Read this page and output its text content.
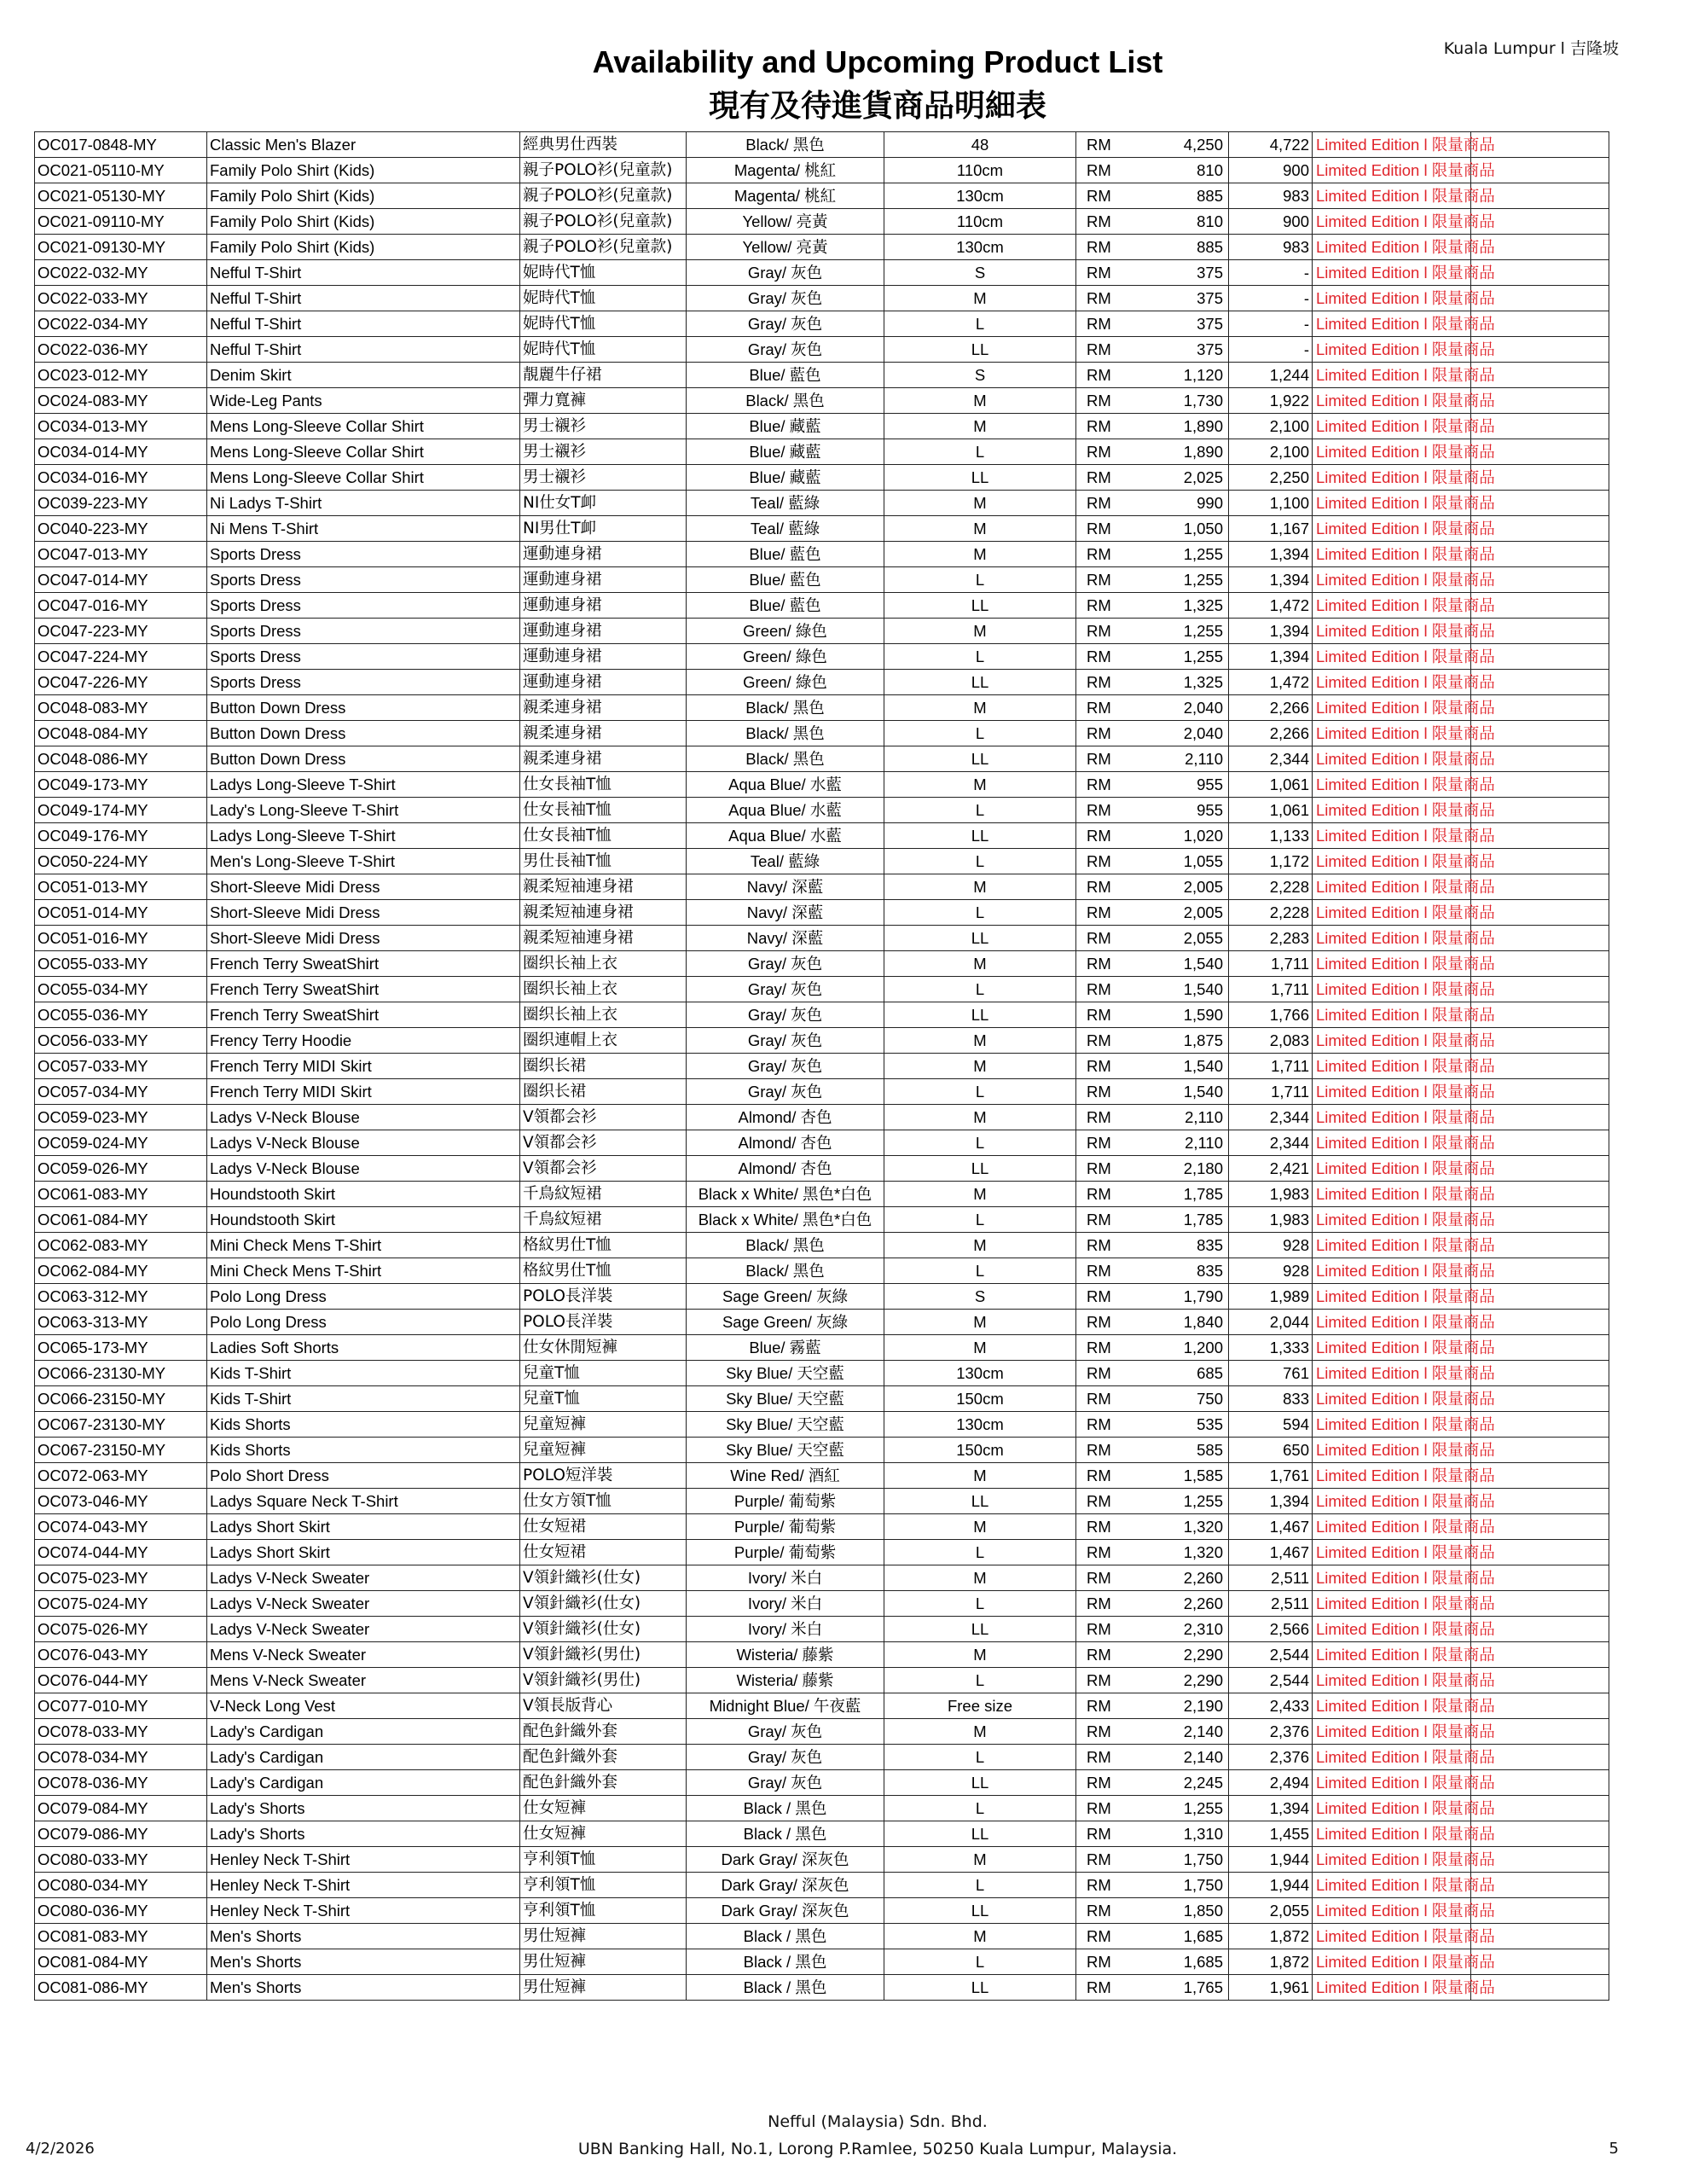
Kuala Lumpur l 吉隆坡
Availability and Upcoming Product List
現有及待進貨商品明細表
OC017-0848-MY	Classic Men's Blazer	經典男仕西裝	Black/ 黑色	48	RM 4,250	4,722	Limited Edition l 限量商品	
OC021-05110-MY	Family Polo Shirt (Kids)	親子POLO衫(兒童款)	Magenta/ 桃紅	110cm	RM 810	900	Limited Edition l 限量商品	
OC021-05130-MY	Family Polo Shirt (Kids)	親子POLO衫(兒童款)	Magenta/ 桃紅	130cm	RM 885	983	Limited Edition l 限量商品	
OC021-09110-MY	Family Polo Shirt (Kids)	親子POLO衫(兒童款)	Yellow/ 亮黃	110cm	RM 810	900	Limited Edition l 限量商品	
OC021-09130-MY	Family Polo Shirt (Kids)	親子POLO衫(兒童款)	Yellow/ 亮黃	130cm	RM 885	983	Limited Edition l 限量商品	
OC022-032-MY	Nefful T-Shirt	妮時代T恤	Gray/ 灰色	S	RM 375	-	Limited Edition l 限量商品	
OC022-033-MY	Nefful T-Shirt	妮時代T恤	Gray/ 灰色	M	RM 375	-	Limited Edition l 限量商品	
OC022-034-MY	Nefful T-Shirt	妮時代T恤	Gray/ 灰色	L	RM 375	-	Limited Edition l 限量商品	
OC022-036-MY	Nefful T-Shirt	妮時代T恤	Gray/ 灰色	LL	RM 375	-	Limited Edition l 限量商品	
OC023-012-MY	Denim Skirt	靚麗牛仔裙	Blue/ 藍色	S	RM 1,120	1,244	Limited Edition l 限量商品	
OC024-083-MY	Wide-Leg Pants	彈力寬褲	Black/ 黑色	M	RM 1,730	1,922	Limited Edition l 限量商品	
OC034-013-MY	Mens Long-Sleeve Collar Shirt	男士襯衫	Blue/ 藏藍	M	RM 1,890	2,100	Limited Edition l 限量商品	
OC034-014-MY	Mens Long-Sleeve Collar Shirt	男士襯衫	Blue/ 藏藍	L	RM 1,890	2,100	Limited Edition l 限量商品	
OC034-016-MY	Mens Long-Sleeve Collar Shirt	男士襯衫	Blue/ 藏藍	LL	RM 2,025	2,250	Limited Edition l 限量商品	
OC039-223-MY	Ni Ladys T-Shirt	NI仕女T卹	Teal/ 藍綠	M	RM 990	1,100	Limited Edition l 限量商品	
OC040-223-MY	Ni Mens T-Shirt	NI男仕T卹	Teal/ 藍綠	M	RM 1,050	1,167	Limited Edition l 限量商品	
OC047-013-MY	Sports Dress	運動連身裙	Blue/ 藍色	M	RM 1,255	1,394	Limited Edition l 限量商品	
OC047-014-MY	Sports Dress	運動連身裙	Blue/ 藍色	L	RM 1,255	1,394	Limited Edition l 限量商品	
OC047-016-MY	Sports Dress	運動連身裙	Blue/ 藍色	LL	RM 1,325	1,472	Limited Edition l 限量商品	
OC047-223-MY	Sports Dress	運動連身裙	Green/ 綠色	M	RM 1,255	1,394	Limited Edition l 限量商品	
OC047-224-MY	Sports Dress	運動連身裙	Green/ 綠色	L	RM 1,255	1,394	Limited Edition l 限量商品	
OC047-226-MY	Sports Dress	運動連身裙	Green/ 綠色	LL	RM 1,325	1,472	Limited Edition l 限量商品	
OC048-083-MY	Button Down Dress	親柔連身裙	Black/ 黑色	M	RM 2,040	2,266	Limited Edition l 限量商品	
OC048-084-MY	Button Down Dress	親柔連身裙	Black/ 黑色	L	RM 2,040	2,266	Limited Edition l 限量商品	
OC048-086-MY	Button Down Dress	親柔連身裙	Black/ 黑色	LL	RM 2,110	2,344	Limited Edition l 限量商品	
OC049-173-MY	Ladys Long-Sleeve T-Shirt	仕女長袖T恤	Aqua Blue/ 水藍	M	RM 955	1,061	Limited Edition l 限量商品	
OC049-174-MY	Lady's Long-Sleeve T-Shirt	仕女長袖T恤	Aqua Blue/ 水藍	L	RM 955	1,061	Limited Edition l 限量商品	
OC049-176-MY	Ladys Long-Sleeve T-Shirt	仕女長袖T恤	Aqua Blue/ 水藍	LL	RM 1,020	1,133	Limited Edition l 限量商品	
OC050-224-MY	Men's Long-Sleeve T-Shirt	男仕長袖T恤	Teal/ 藍綠	L	RM 1,055	1,172	Limited Edition l 限量商品	
OC051-013-MY	Short-Sleeve Midi Dress	親柔短袖連身裙	Navy/ 深藍	M	RM 2,005	2,228	Limited Edition l 限量商品	
OC051-014-MY	Short-Sleeve Midi Dress	親柔短袖連身裙	Navy/ 深藍	L	RM 2,005	2,228	Limited Edition l 限量商品	
OC051-016-MY	Short-Sleeve Midi Dress	親柔短袖連身裙	Navy/ 深藍	LL	RM 2,055	2,283	Limited Edition l 限量商品	
OC055-033-MY	French Terry SweatShirt	圈织长袖上衣	Gray/ 灰色	M	RM 1,540	1,711	Limited Edition l 限量商品	
OC055-034-MY	French Terry SweatShirt	圈织长袖上衣	Gray/ 灰色	L	RM 1,540	1,711	Limited Edition l 限量商品	
OC055-036-MY	French Terry SweatShirt	圈织长袖上衣	Gray/ 灰色	LL	RM 1,590	1,766	Limited Edition l 限量商品	
OC056-033-MY	Frency Terry Hoodie	圈织連帽上衣	Gray/ 灰色	M	RM 1,875	2,083	Limited Edition l 限量商品	
OC057-033-MY	French Terry MIDI Skirt	圈织长裙	Gray/ 灰色	M	RM 1,540	1,711	Limited Edition l 限量商品	
OC057-034-MY	French Terry MIDI Skirt	圈织长裙	Gray/ 灰色	L	RM 1,540	1,711	Limited Edition l 限量商品	
OC059-023-MY	Ladys V-Neck Blouse	V領都会衫	Almond/ 杏色	M	RM 2,110	2,344	Limited Edition l 限量商品	
OC059-024-MY	Ladys V-Neck Blouse	V領都会衫	Almond/ 杏色	L	RM 2,110	2,344	Limited Edition l 限量商品	
OC059-026-MY	Ladys V-Neck Blouse	V領都会衫	Almond/ 杏色	LL	RM 2,180	2,421	Limited Edition l 限量商品	
OC061-083-MY	Houndstooth Skirt	千鳥紋短裙	Black x White/ 黑色*白色	M	RM 1,785	1,983	Limited Edition l 限量商品	
OC061-084-MY	Houndstooth Skirt	千鳥紋短裙	Black x White/ 黑色*白色	L	RM 1,785	1,983	Limited Edition l 限量商品	
OC062-083-MY	Mini Check Mens T-Shirt	格紋男仕T恤	Black/ 黑色	M	RM 835	928	Limited Edition l 限量商品	
OC062-084-MY	Mini Check Mens T-Shirt	格紋男仕T恤	Black/ 黑色	L	RM 835	928	Limited Edition l 限量商品	
OC063-312-MY	Polo Long Dress	POLO長洋裝	Sage Green/ 灰綠	S	RM 1,790	1,989	Limited Edition l 限量商品	
OC063-313-MY	Polo Long Dress	POLO長洋裝	Sage Green/ 灰綠	M	RM 1,840	2,044	Limited Edition l 限量商品	
OC065-173-MY	Ladies Soft Shorts	仕女休閒短褲	Blue/ 霧藍	M	RM 1,200	1,333	Limited Edition l 限量商品	
OC066-23130-MY	Kids T-Shirt	兒童T恤	Sky Blue/ 天空藍	130cm	RM 685	761	Limited Edition l 限量商品	
OC066-23150-MY	Kids T-Shirt	兒童T恤	Sky Blue/ 天空藍	150cm	RM 750	833	Limited Edition l 限量商品	
OC067-23130-MY	Kids Shorts	兒童短褲	Sky Blue/ 天空藍	130cm	RM 535	594	Limited Edition l 限量商品	
OC067-23150-MY	Kids Shorts	兒童短褲	Sky Blue/ 天空藍	150cm	RM 585	650	Limited Edition l 限量商品	
OC072-063-MY	Polo Short Dress	POLO短洋裝	Wine Red/ 酒紅	M	RM 1,585	1,761	Limited Edition l 限量商品	
OC073-046-MY	Ladys Square Neck T-Shirt	仕女方領T恤	Purple/ 葡萄紫	LL	RM 1,255	1,394	Limited Edition l 限量商品	
OC074-043-MY	Ladys Short Skirt	仕女短裙	Purple/ 葡萄紫	M	RM 1,320	1,467	Limited Edition l 限量商品	
OC074-044-MY	Ladys Short Skirt	仕女短裙	Purple/ 葡萄紫	L	RM 1,320	1,467	Limited Edition l 限量商品	
OC075-023-MY	Ladys V-Neck Sweater	V領針織衫(仕女)	Ivory/ 米白	M	RM 2,260	2,511	Limited Edition l 限量商品	
OC075-024-MY	Ladys V-Neck Sweater	V領針織衫(仕女)	Ivory/ 米白	L	RM 2,260	2,511	Limited Edition l 限量商品	
OC075-026-MY	Ladys V-Neck Sweater	V領針織衫(仕女)	Ivory/ 米白	LL	RM 2,310	2,566	Limited Edition l 限量商品	
OC076-043-MY	Mens V-Neck Sweater	V領針織衫(男仕)	Wisteria/ 藤紫	M	RM 2,290	2,544	Limited Edition l 限量商品	
OC076-044-MY	Mens V-Neck Sweater	V領針織衫(男仕)	Wisteria/ 藤紫	L	RM 2,290	2,544	Limited Edition l 限量商品	
OC077-010-MY	V-Neck Long Vest	V領長版背心	Midnight Blue/ 午夜藍	Free size	RM 2,190	2,433	Limited Edition l 限量商品	
OC078-033-MY	Lady's Cardigan	配色針織外套	Gray/ 灰色	M	RM 2,140	2,376	Limited Edition l 限量商品	
OC078-034-MY	Lady's Cardigan	配色針織外套	Gray/ 灰色	L	RM 2,140	2,376	Limited Edition l 限量商品	
OC078-036-MY	Lady's Cardigan	配色針織外套	Gray/ 灰色	LL	RM 2,245	2,494	Limited Edition l 限量商品	
OC079-084-MY	Lady's Shorts	仕女短褲	Black / 黑色	L	RM 1,255	1,394	Limited Edition l 限量商品	
OC079-086-MY	Lady's Shorts	仕女短褲	Black / 黑色	LL	RM 1,310	1,455	Limited Edition l 限量商品	
OC080-033-MY	Henley Neck T-Shirt	亨利領T恤	Dark Gray/ 深灰色	M	RM 1,750	1,944	Limited Edition l 限量商品	
OC080-034-MY	Henley Neck T-Shirt	亨利領T恤	Dark Gray/ 深灰色	L	RM 1,750	1,944	Limited Edition l 限量商品	
OC080-036-MY	Henley Neck T-Shirt	亨利領T恤	Dark Gray/ 深灰色	LL	RM 1,850	2,055	Limited Edition l 限量商品	
OC081-083-MY	Men's Shorts	男仕短褲	Black / 黑色	M	RM 1,685	1,872	Limited Edition l 限量商品	
OC081-084-MY	Men's Shorts	男仕短褲	Black / 黑色	L	RM 1,685	1,872	Limited Edition l 限量商品	
OC081-086-MY	Men's Shorts	男仕短褲	Black / 黑色	LL	RM 1,765	1,961	Limited Edition l 限量商品	
Nefful (Malaysia) Sdn. Bhd.
UBN Banking Hall, No.1, Lorong P.Ramlee, 50250 Kuala Lumpur, Malaysia.
4/2/2026	5
